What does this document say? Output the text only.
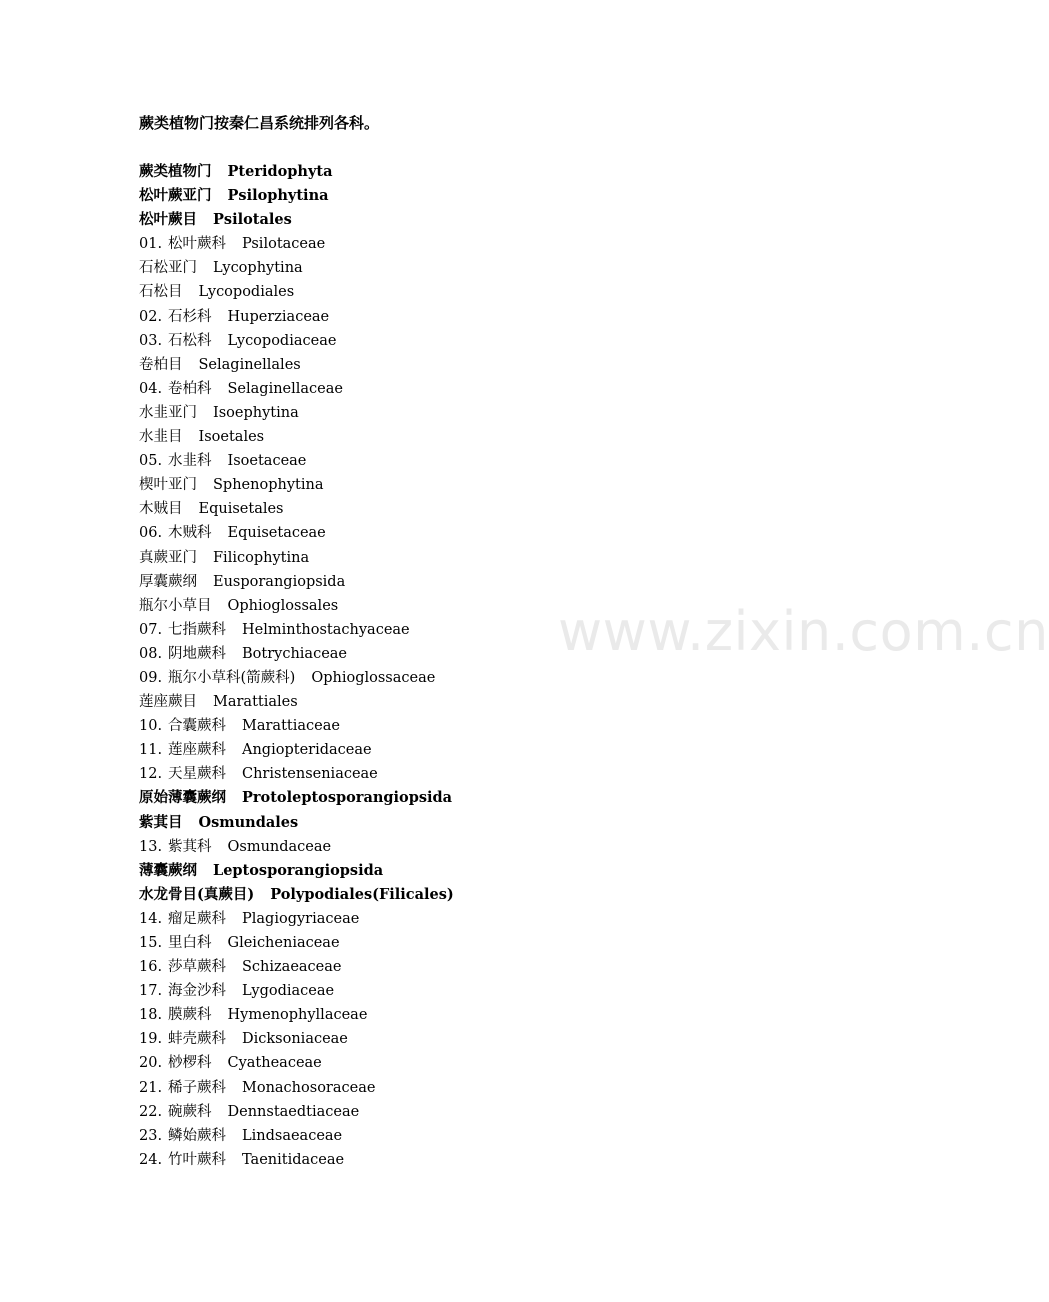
蕨类植物门按秦仁昌系统排列各科。
蕨类植物门 Pteridophyta
松叶蕨亚门 Psilophytina
松叶蕨目 Psilotales
01. 松叶蕨科 Psilotaceae
石松亚门 Lycophytina
石松目 Lycopodiales
02. 石杉科 Huperziaceae
03. 石松科 Lycopodiaceae
卷柏目 Selaginellales
04. 卷柏科 Selaginellaceae
水韭亚门 Isoephytina
水韭目 Isoetales
05. 水韭科 Isoetaceae
楔叶亚门 Sphenophytina
木贼目 Equisetales
06. 木贼科 Equisetaceae
真蕨亚门 Filicophytina
厚囊蕨纲 Eusporangiopsida
瓶尔小草目 Ophioglossales
07. 七指蕨科 Helminthostachyaceae
08. 阴地蕨科 Botrychiaceae
09. 瓶尔小草科(箭蕨科) Ophioglossaceae
莲座蕨目 Marattiales
10. 合囊蕨科 Marattiaceae
11. 莲座蕨科 Angiopteridaceae
12. 天星蕨科 Christenseniaceae
原始薄囊蕨纲 Protoleptosporangiopsida
紫萁目 Osmundales
13. 紫萁科 Osmundaceae
薄囊蕨纲 Leptosporangiopsida
水龙骨目(真蕨目) Polypodiales(Filicales)
14. 瘤足蕨科 Plagiogyriaceae
15. 里白科 Gleicheniaceae
16. 莎草蕨科 Schizaeaceae
17. 海金沙科 Lygodiaceae
18. 膜蕨科 Hymenophyllaceae
19. 蚌壳蕨科 Dicksoniaceae
20. 桫椤科 Cyatheaceae
21. 稀子蕨科 Monachosoraceae
22. 碗蕨科 Dennstaedtiaceae
23. 鳞始蕨科 Lindsaeaceae
24. 竹叶蕨科 Taenitidaceae
www.zixin.com.cn
